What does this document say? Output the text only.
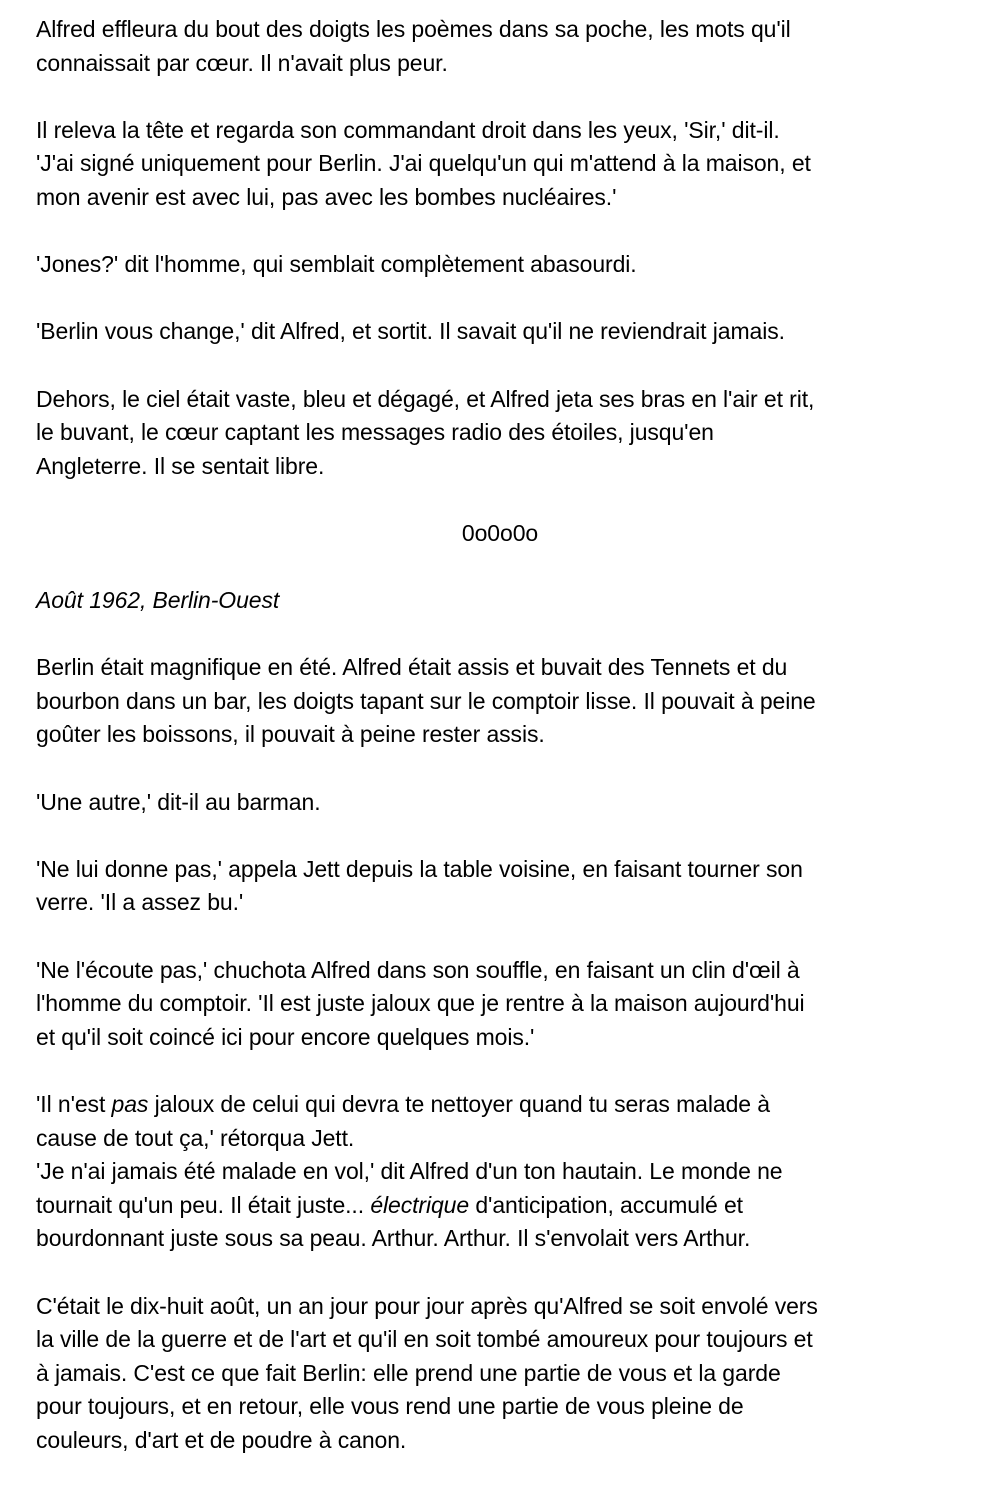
Alfred effleura du bout des doigts les poèmes dans sa poche, les mots qu'il
connaissait par cœur. Il n'avait plus peur.
Il releva la tête et regarda son commandant droit dans les yeux, 'Sir,' dit-il.
'J'ai signé uniquement pour Berlin. J'ai quelqu'un qui m'attend à la maison, et
mon avenir est avec lui, pas avec les bombes nucléaires.'
'Jones?' dit l'homme, qui semblait complètement abasourdi.
'Berlin vous change,' dit Alfred, et sortit. Il savait qu'il ne reviendrait jamais.
Dehors, le ciel était vaste, bleu et dégagé, et Alfred jeta ses bras en l'air et rit,
le buvant, le cœur captant les messages radio des étoiles, jusqu'en
Angleterre. Il se sentait libre.
0o0o0o
Août 1962, Berlin-Ouest
Berlin était magnifique en été. Alfred était assis et buvait des Tennets et du
bourbon dans un bar, les doigts tapant sur le comptoir lisse. Il pouvait à peine
goûter les boissons, il pouvait à peine rester assis.
'Une autre,' dit-il au barman.
'Ne lui donne pas,' appela Jett depuis la table voisine, en faisant tourner son
verre. 'Il a assez bu.'
'Ne l'écoute pas,' chuchota Alfred dans son souffle, en faisant un clin d'œil à
l'homme du comptoir. 'Il est juste jaloux que je rentre à la maison aujourd'hui
et qu'il soit coincé ici pour encore quelques mois.'
'Il n'est pas jaloux de celui qui devra te nettoyer quand tu seras malade à
cause de tout ça,' rétorqua Jett.
'Je n'ai jamais été malade en vol,' dit Alfred d'un ton hautain. Le monde ne
tournait qu'un peu. Il était juste... électrique d'anticipation, accumulé et
bourdonnant juste sous sa peau. Arthur. Arthur. Il s'envolait vers Arthur.
C'était le dix-huit août, un an jour pour jour après qu'Alfred se soit envolé vers
la ville de la guerre et de l'art et qu'il en soit tombé amoureux pour toujours et
à jamais. C'est ce que fait Berlin: elle prend une partie de vous et la garde
pour toujours, et en retour, elle vous rend une partie de vous pleine de
couleurs, d'art et de poudre à canon.
